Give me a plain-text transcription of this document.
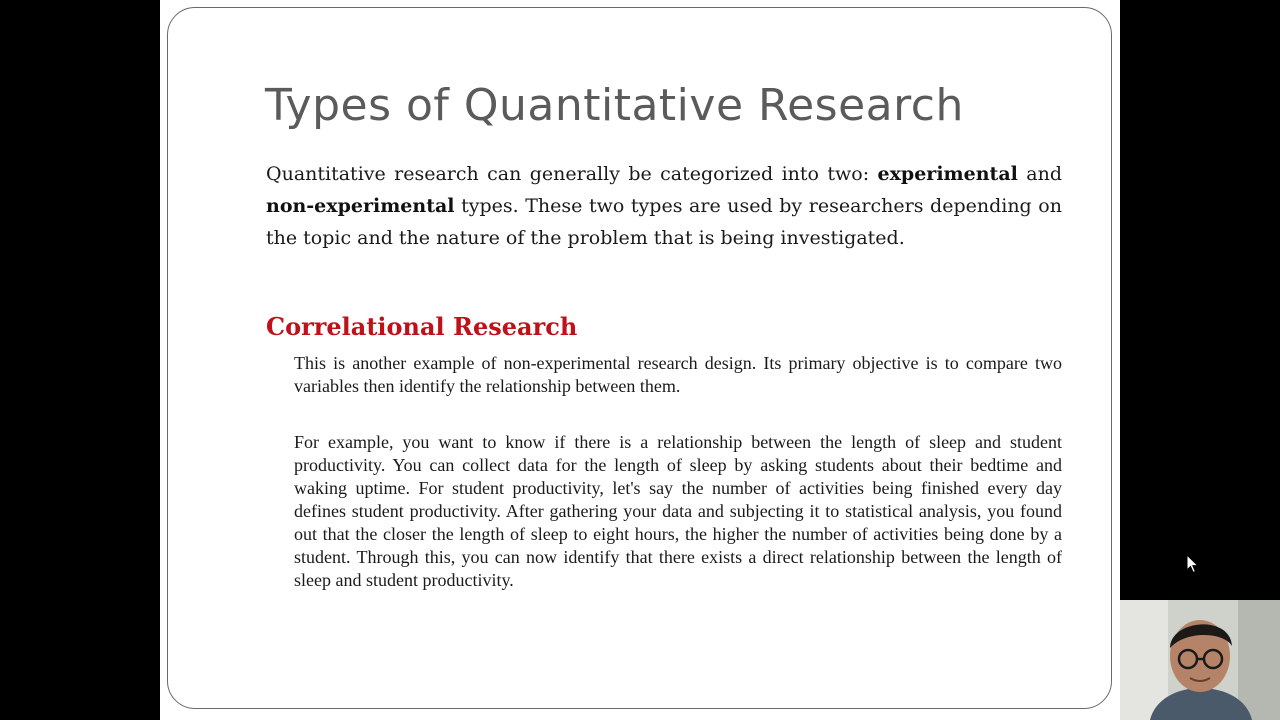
Types of Quantitative Research

Quantitative research can generally be categorized into two: experimental and non-experimental types. These two types are used by researchers depending on the topic and the nature of the problem that is being investigated.

Correlational Research

This is another example of non-experimental research design. Its primary objective is to compare two variables then identify the relationship between them.

For example, you want to know if there is a relationship between the length of sleep and student productivity. You can collect data for the length of sleep by asking students about their bedtime and waking uptime. For student productivity, let's say the number of activities being finished every day defines student productivity. After gathering your data and subjecting it to statistical analysis, you found out that the closer the length of sleep to eight hours, the higher the number of activities being done by a student. Through this, you can now identify that there exists a direct relationship between the length of sleep and student productivity.
